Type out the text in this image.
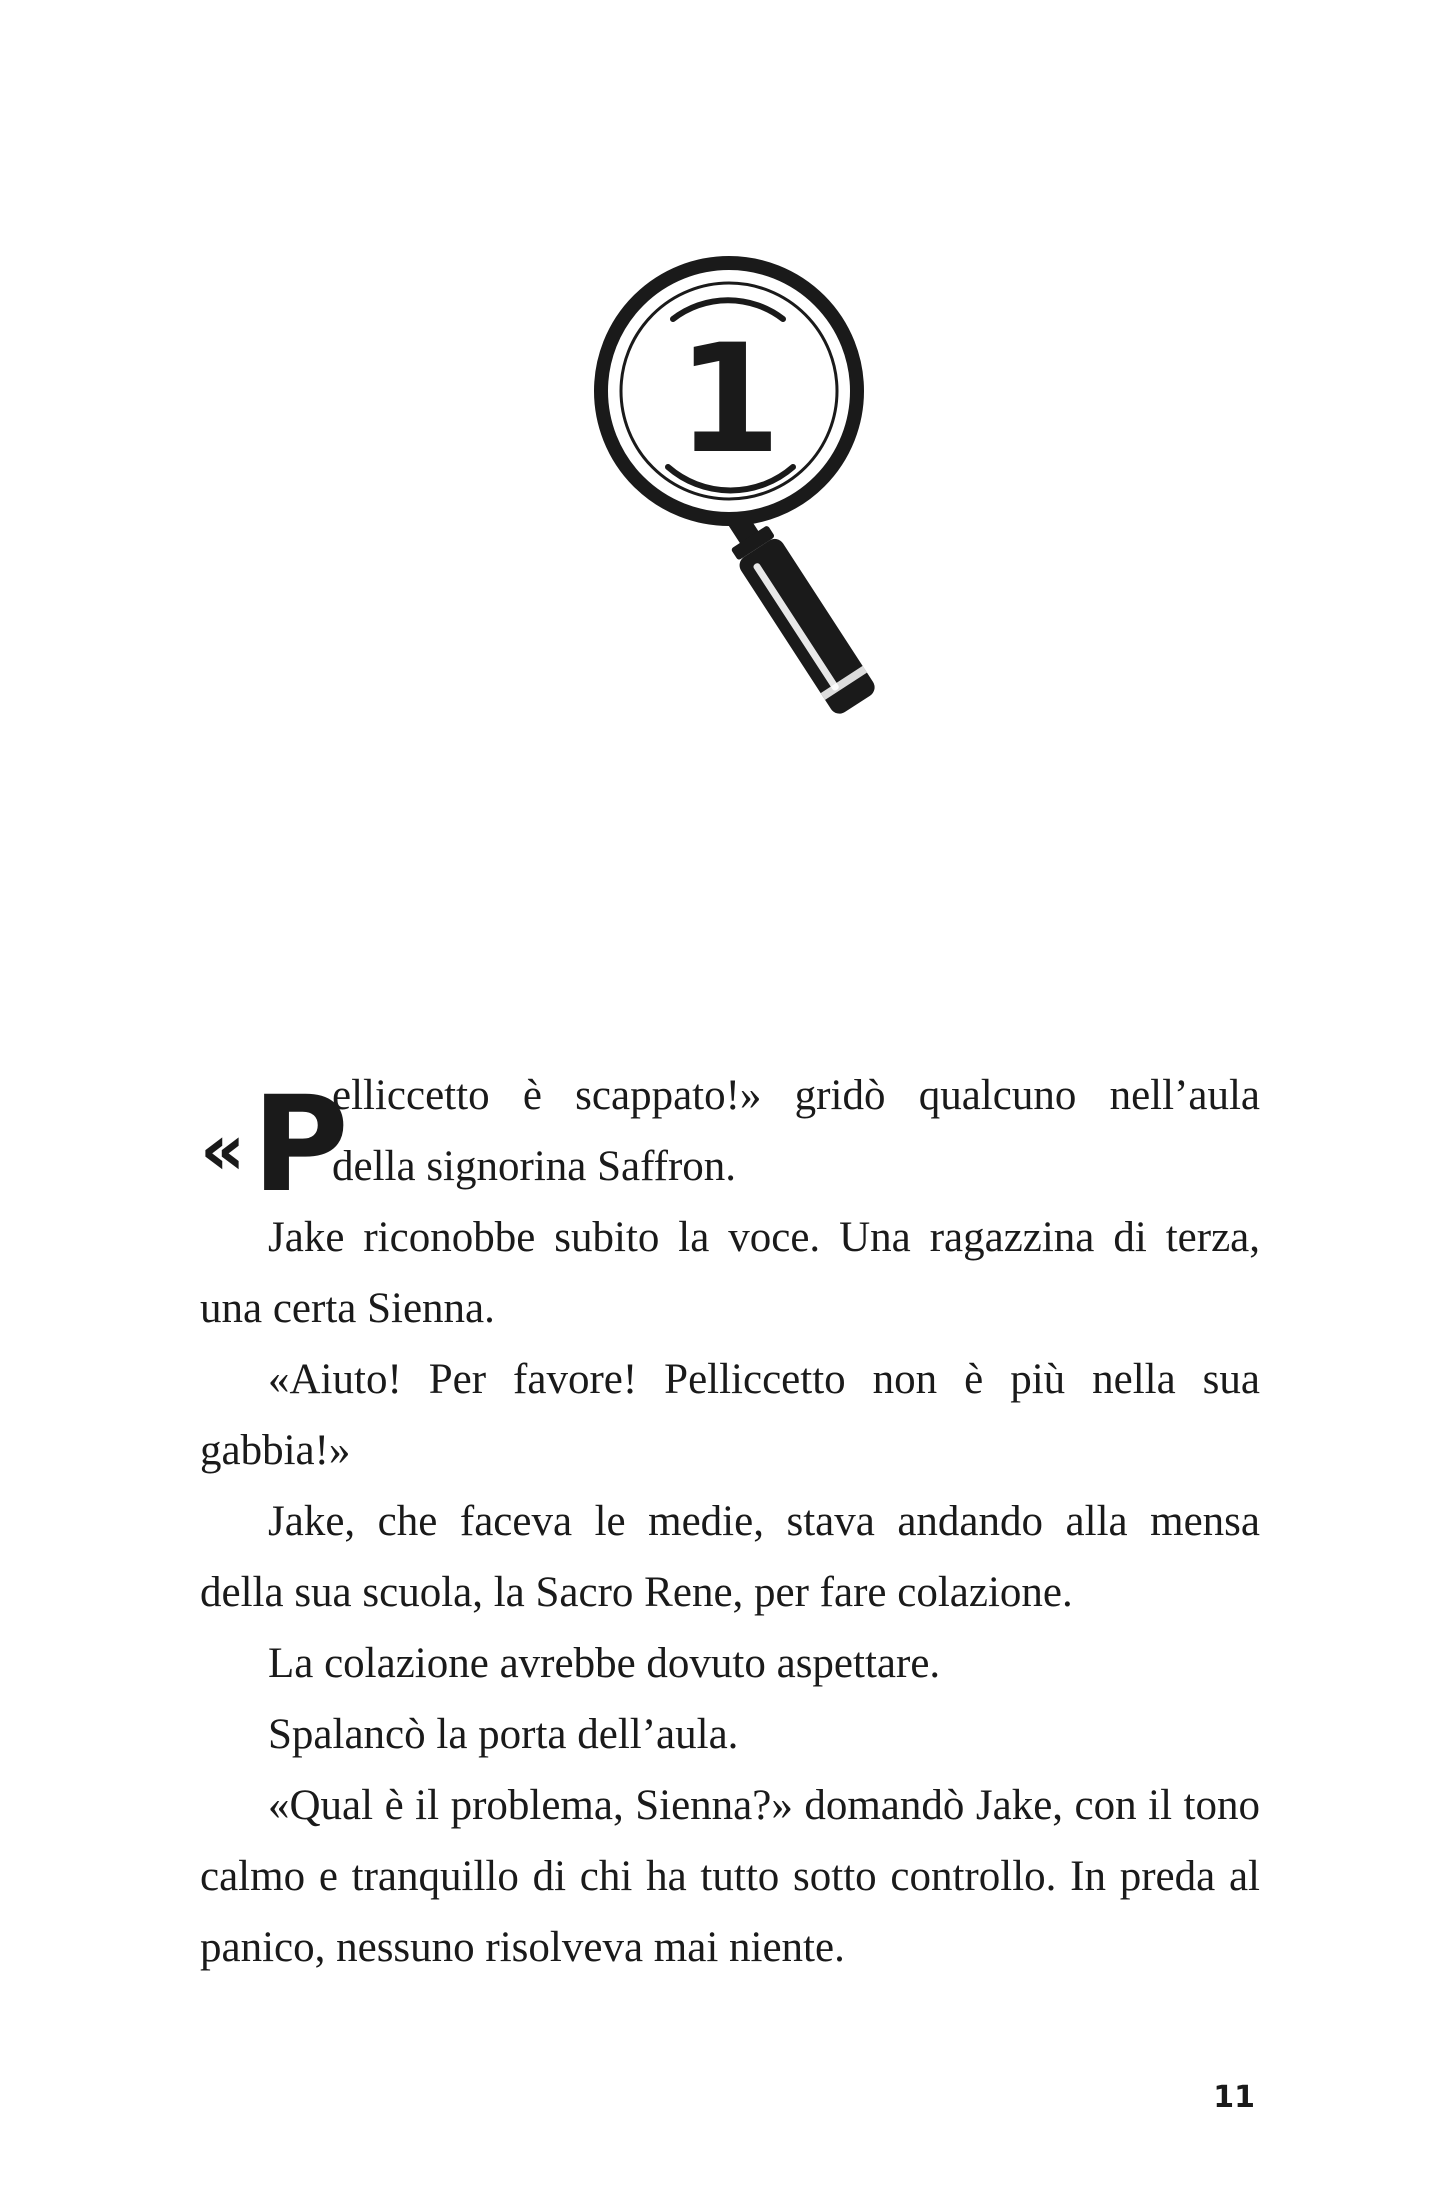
1
« P

elliccetto è scappato!» gridò qualcuno nell’aula

della signorina Saffron.

Jake riconobbe subito la voce. Una ragazzina di terza, una certa Sienna.

«Aiuto! Per favore! Pelliccetto non è più nella sua gabbia!»

Jake, che faceva le medie, stava andando alla mensa della sua scuola, la Sacro Rene, per fare colazione.

La colazione avrebbe dovuto aspettare.

Spalancò la porta dell’aula.

«Qual è il problema, Sienna?» domandò Jake, con il tono calmo e tranquillo di chi ha tutto sotto controllo. In preda al panico, nessuno risolveva mai niente.

11
